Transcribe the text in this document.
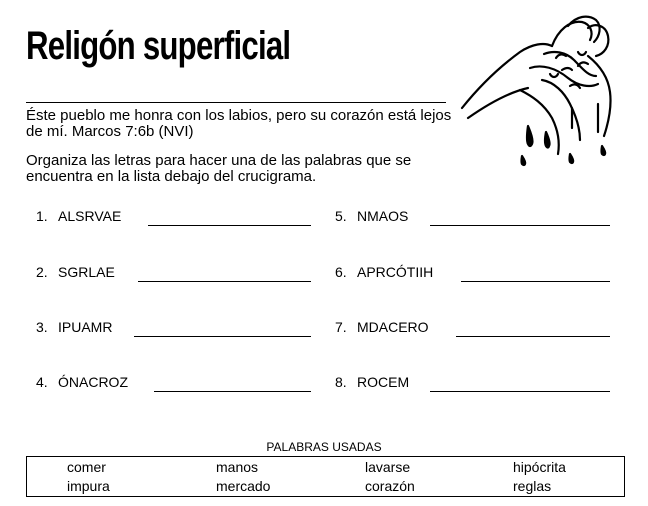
Religón superficial
Éste pueblo me honra con los labios, pero su corazón está lejos de mí. Marcos 7:6b (NVI)
Organiza las letras para hacer una de las palabras que se encuentra en la lista debajo del crucigrama.
1. ALSRVAE
2. SGRLAE
3. IPUAMR
4. ÓNACROZ
5. NMAOS
6. APRCÓTIIH
7. MDACERO
8. ROCEM
PALABRAS USADAS
comer	manos	lavarse	hipócrita
impura	mercado	corazón	reglas
